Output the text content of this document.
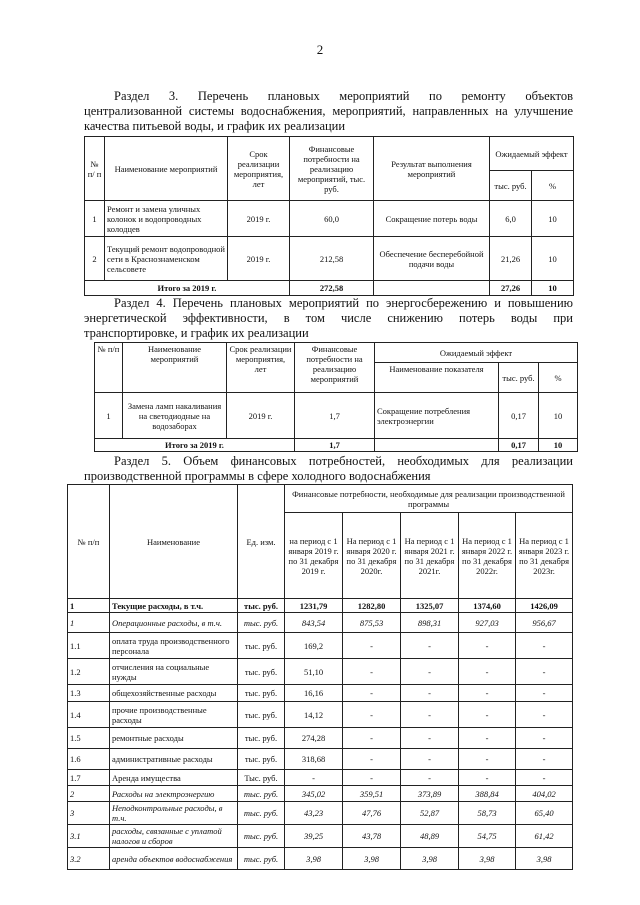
2
Раздел 3. Перечень плановых мероприятий по ремонту объектов
централизованной системы водоснабжения, мероприятий, направленных на улучшение
качества питьевой воды, и график их реализации
№ п/ п	Наименование мероприятий	Срок реализации мероприятия, лет	Финансовые потребности на реализацию мероприятий, тыс. руб.	Результат выполнения мероприятий	Ожидаемый эффект	
					тыс. руб.	%
1	Ремонт и замена уличных колонок и водопроводных колодцев	2019 г.	60,0	Сокращение потерь воды	6,0	10
2	Текущий ремонт водопроводной сети в Краснознаменском сельсовете	2019 г.	212,58	Обеспечение бесперебойной подачи воды	21,26	10
Итого за 2019 г.			272,58		27,26	10
Раздел 4. Перечень плановых мероприятий по энергосбережению и повышению
энергетической эффективности, в том числе снижению потерь воды при
транспортировке, и график их реализации
№ п/п	Наименование мероприятий	Срок реализации мероприятия, лет	Финансовые потребности на реализацию мероприятий	Ожидаемый эффект		
				Наименование показателя	тыс. руб.	%
1	Замена ламп накаливания на светодиодные на водозаборах	2019 г.	1,7	Сокращение потребления электроэнергии	0,17	10
Итого за 2019 г.			1,7		0,17	10
Раздел 5. Объем финансовых потребностей, необходимых для реализации
производственной программы в сфере холодного водоснабжения
№ п/п	Наименование	Ед. изм.	Финансовые потребности, необходимые для реализации производственной программы				
			на период с 1 января 2019 г. по 31 декабря 2019 г.	На период с 1 января 2020 г. по 31 декабря 2020г.	На период с 1 января 2021 г. по 31 декабря 2021г.	На период с 1 января 2022 г. по 31 декабря 2022г.	На период с 1 января 2023 г. по 31 декабря 2023г.
1	Текущие расходы, в т.ч.	тыс. руб.	1231,79	1282,80	1325,07	1374,60	1426,09
1	Операционные расходы, в т.ч.	тыс. руб.	843,54	875,53	898,31	927,03	956,67
1.1	оплата труда производственного персонала	тыс. руб.	169,2	-	-	-	-
1.2	отчисления на социальные нужды	тыс. руб.	51,10	-	-	-	-
1.3	общехозяйственные расходы	тыс. руб.	16,16	-	-	-	-
1.4	прочие производственные расходы	тыс. руб.	14,12	-	-	-	-
1.5	ремонтные расходы	тыс. руб.	274,28	-	-	-	-
1.6	административные расходы	тыс. руб.	318,68	-	-	-	-
1.7	Аренда имущества	Тыс. руб.	-	-	-	-	-
2	Расходы на электроэнергию	тыс. руб.	345,02	359,51	373,89	388,84	404,02
3	Неподконтрольные расходы, в т.ч.	тыс. руб.	43,23	47,76	52,87	58,73	65,40
3.1	расходы, связанные с уплатой налогов и сборов	тыс. руб.	39,25	43,78	48,89	54,75	61,42
3.2	аренда объектов водоснабжения	тыс. руб.	3,98	3,98	3,98	3,98	3,98
